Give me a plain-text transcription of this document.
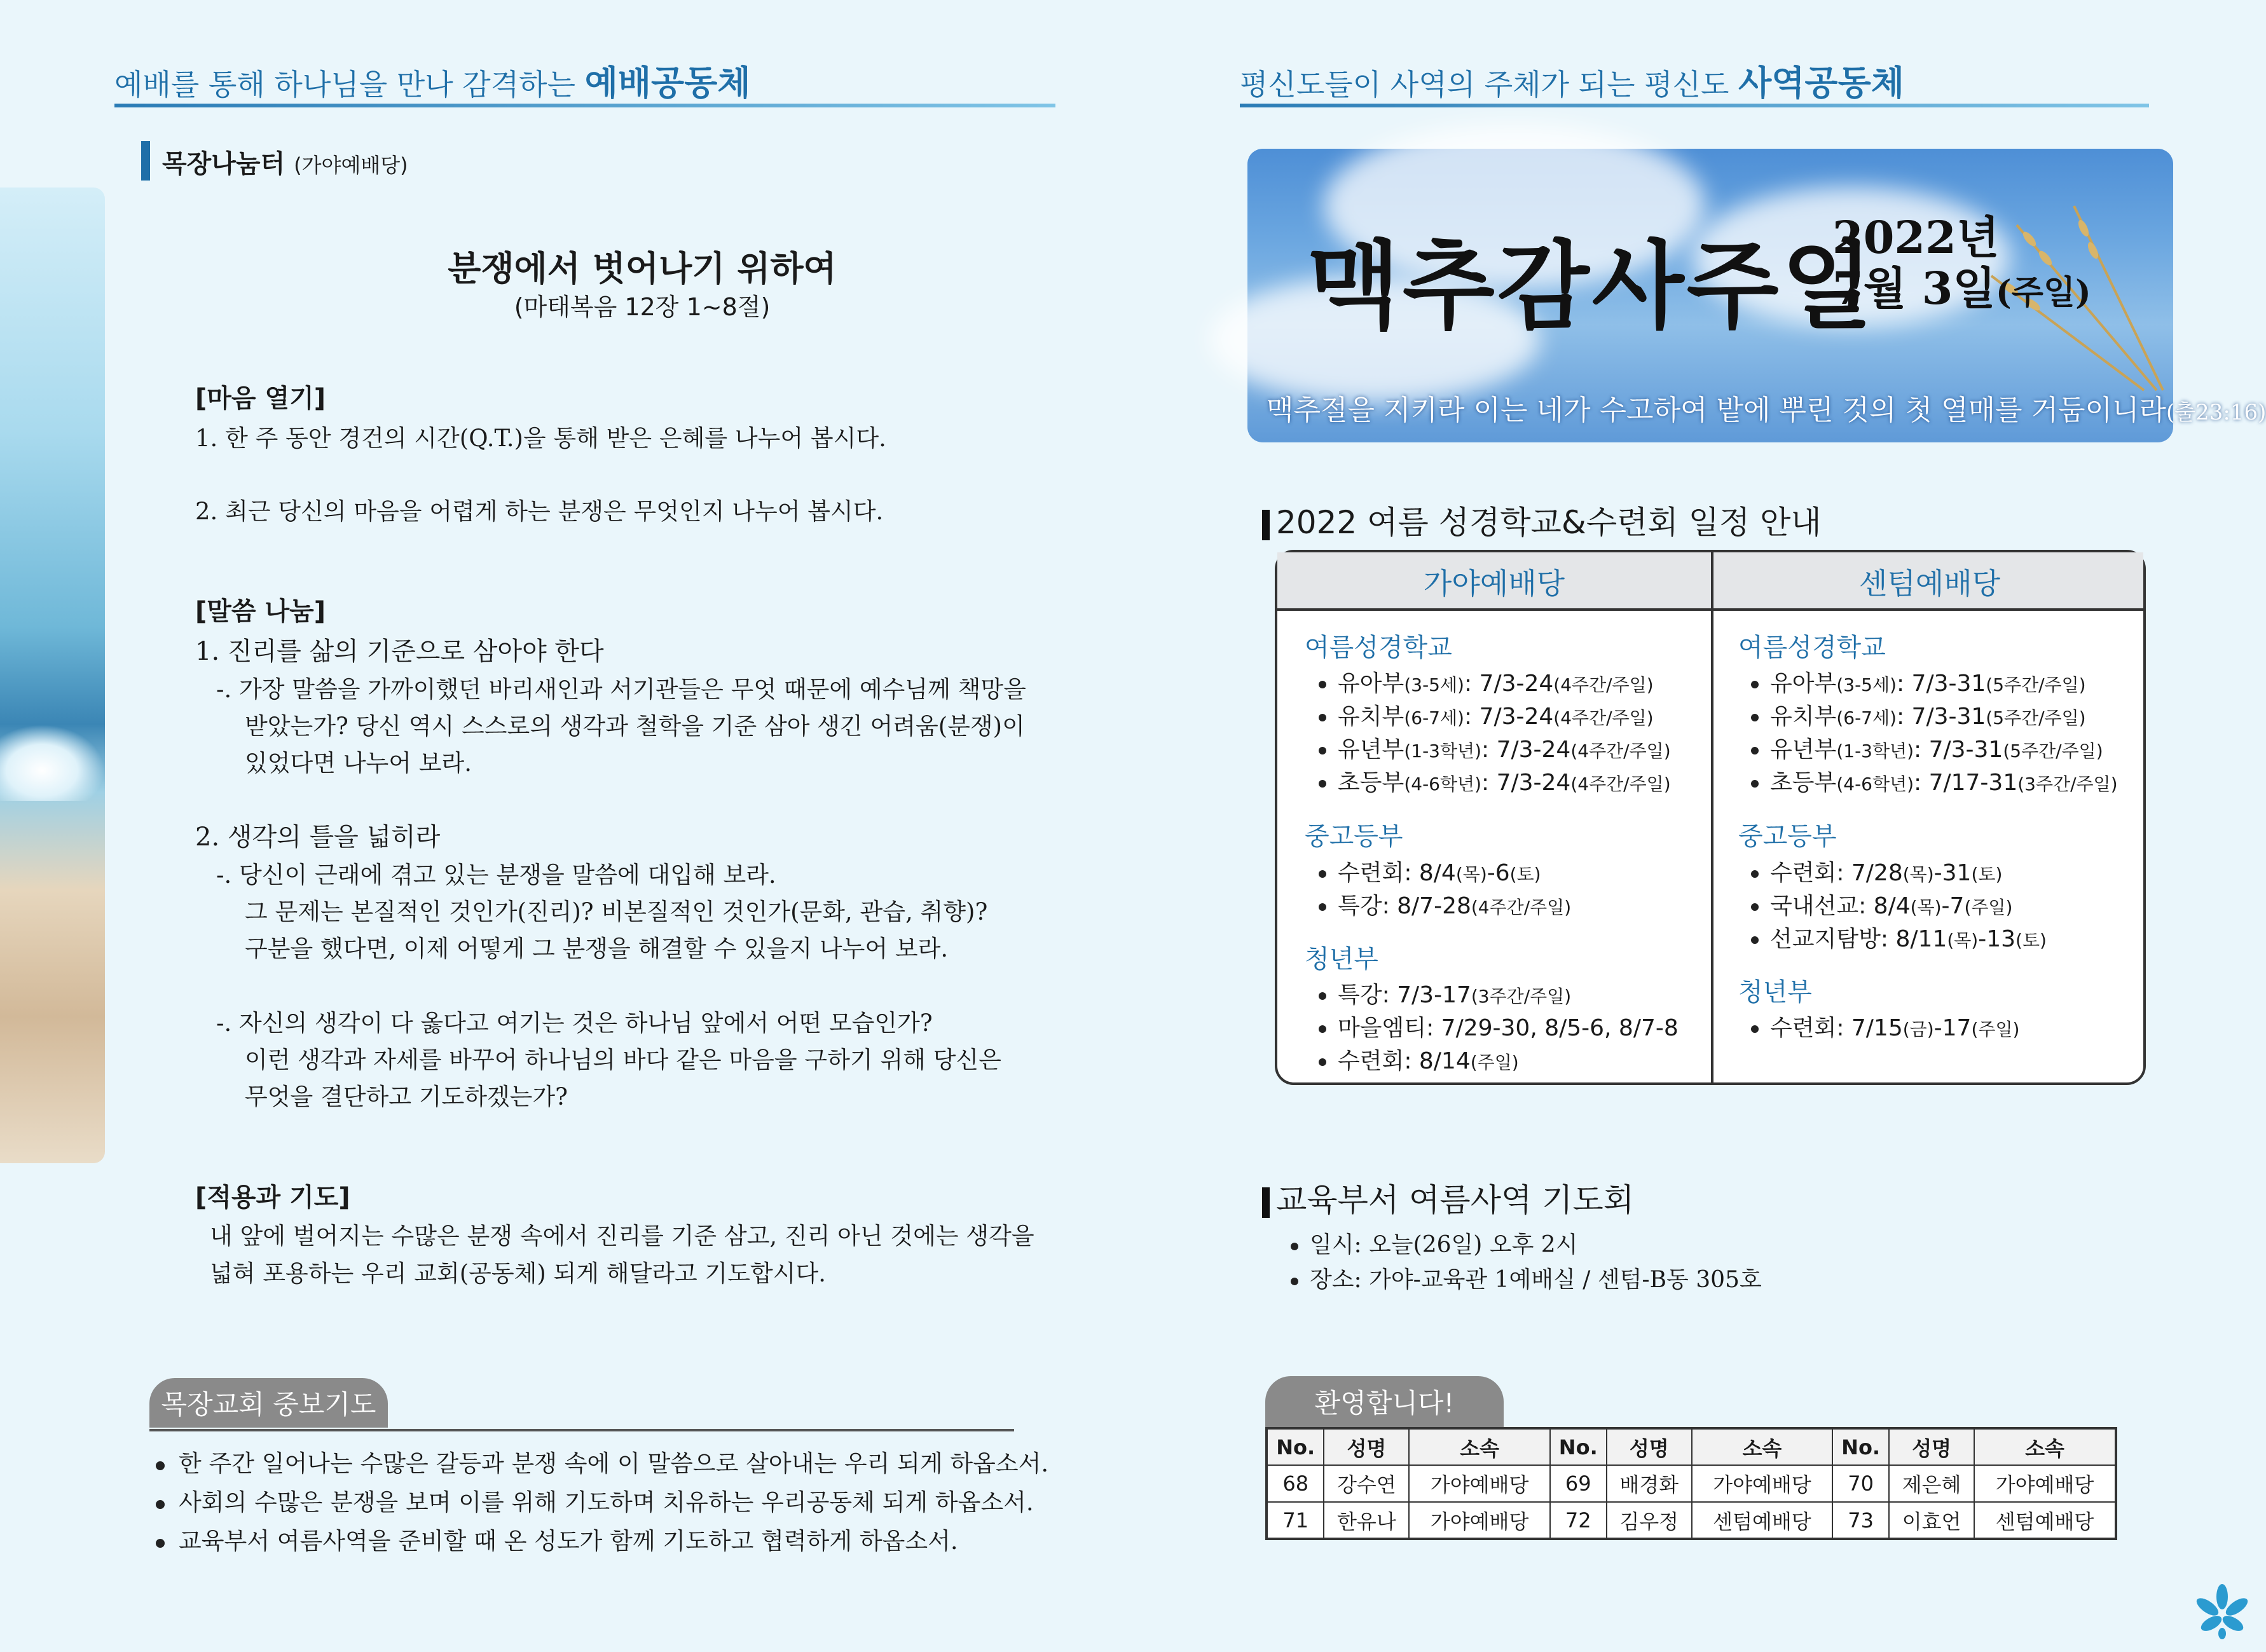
예배를 통해 하나님을 만나 감격하는 예배공동체
목장나눔터 (가야예배당)
분쟁에서 벗어나기 위하여
(마태복음 12장 1~8절)
[마음 열기]
1. 한 주 동안 경건의 시간(Q.T.)을 통해 받은 은혜를 나누어 봅시다.
2. 최근 당신의 마음을 어렵게 하는 분쟁은 무엇인지 나누어 봅시다.
[말씀 나눔]
1. 진리를 삶의 기준으로 삼아야 한다
-. 가장 말씀을 가까이했던 바리새인과 서기관들은 무엇 때문에 예수님께 책망을
받았는가? 당신 역시 스스로의 생각과 철학을 기준 삼아 생긴 어려움(분쟁)이
있었다면 나누어 보라.
2. 생각의 틀을 넓히라
-. 당신이 근래에 겪고 있는 분쟁을 말씀에 대입해 보라.
그 문제는 본질적인 것인가(진리)? 비본질적인 것인가(문화, 관습, 취향)?
구분을 했다면, 이제 어떻게 그 분쟁을 해결할 수 있을지 나누어 보라.
-. 자신의 생각이 다 옳다고 여기는 것은 하나님 앞에서 어떤 모습인가?
이런 생각과 자세를 바꾸어 하나님의 바다 같은 마음을 구하기 위해 당신은
무엇을 결단하고 기도하겠는가?
[적용과 기도]
내 앞에 벌어지는 수많은 분쟁 속에서 진리를 기준 삼고, 진리 아닌 것에는 생각을
넓혀 포용하는 우리 교회(공동체) 되게 해달라고 기도합시다.
목장교회 중보기도
한 주간 일어나는 수많은 갈등과 분쟁 속에 이 말씀으로 살아내는 우리 되게 하옵소서.
사회의 수많은 분쟁을 보며 이를 위해 기도하며 치유하는 우리공동체 되게 하옵소서.
교육부서 여름사역을 준비할 때 온 성도가 함께 기도하고 협력하게 하옵소서.
평신도들이 사역의 주체가 되는 평신도 사역공동체
맥추감사주일
2022년
7월 3일(주일)
맥추절을 지키라 이는 네가 수고하여 밭에 뿌린 것의 첫 열매를 거둠이니라(출23:16)
2022 여름 성경학교&수련회 일정 안내
가야예배당	센텀예배당
여름성경학교
유아부(3-5세): 7/3-24(4주간/주일)
유치부(6-7세): 7/3-24(4주간/주일)
유년부(1-3학년): 7/3-24(4주간/주일)
초등부(4-6학년): 7/3-24(4주간/주일)
중고등부
수련회: 8/4(목)-6(토)
특강: 8/7-28(4주간/주일)
청년부
특강: 7/3-17(3주간/주일)
마을엠티: 7/29-30, 8/5-6, 8/7-8
수련회: 8/14(주일)
여름성경학교
유아부(3-5세): 7/3-31(5주간/주일)
유치부(6-7세): 7/3-31(5주간/주일)
유년부(1-3학년): 7/3-31(5주간/주일)
초등부(4-6학년): 7/17-31(3주간/주일)
중고등부
수련회: 7/28(목)-31(토)
국내선교: 8/4(목)-7(주일)
선교지탐방: 8/11(목)-13(토)
청년부
수련회: 7/15(금)-17(주일)
교육부서 여름사역 기도회
일시: 오늘(26일) 오후 2시
장소: 가야-교육관 1예배실 / 센텀-B동 305호
환영합니다!
No.	성명	소속	No.	성명	소속	No.	성명	소속
68	강수연	가야예배당	69	배경화	가야예배당	70	제은혜	가야예배당
71	한유나	가야예배당	72	김우정	센텀예배당	73	이효언	센텀예배당
